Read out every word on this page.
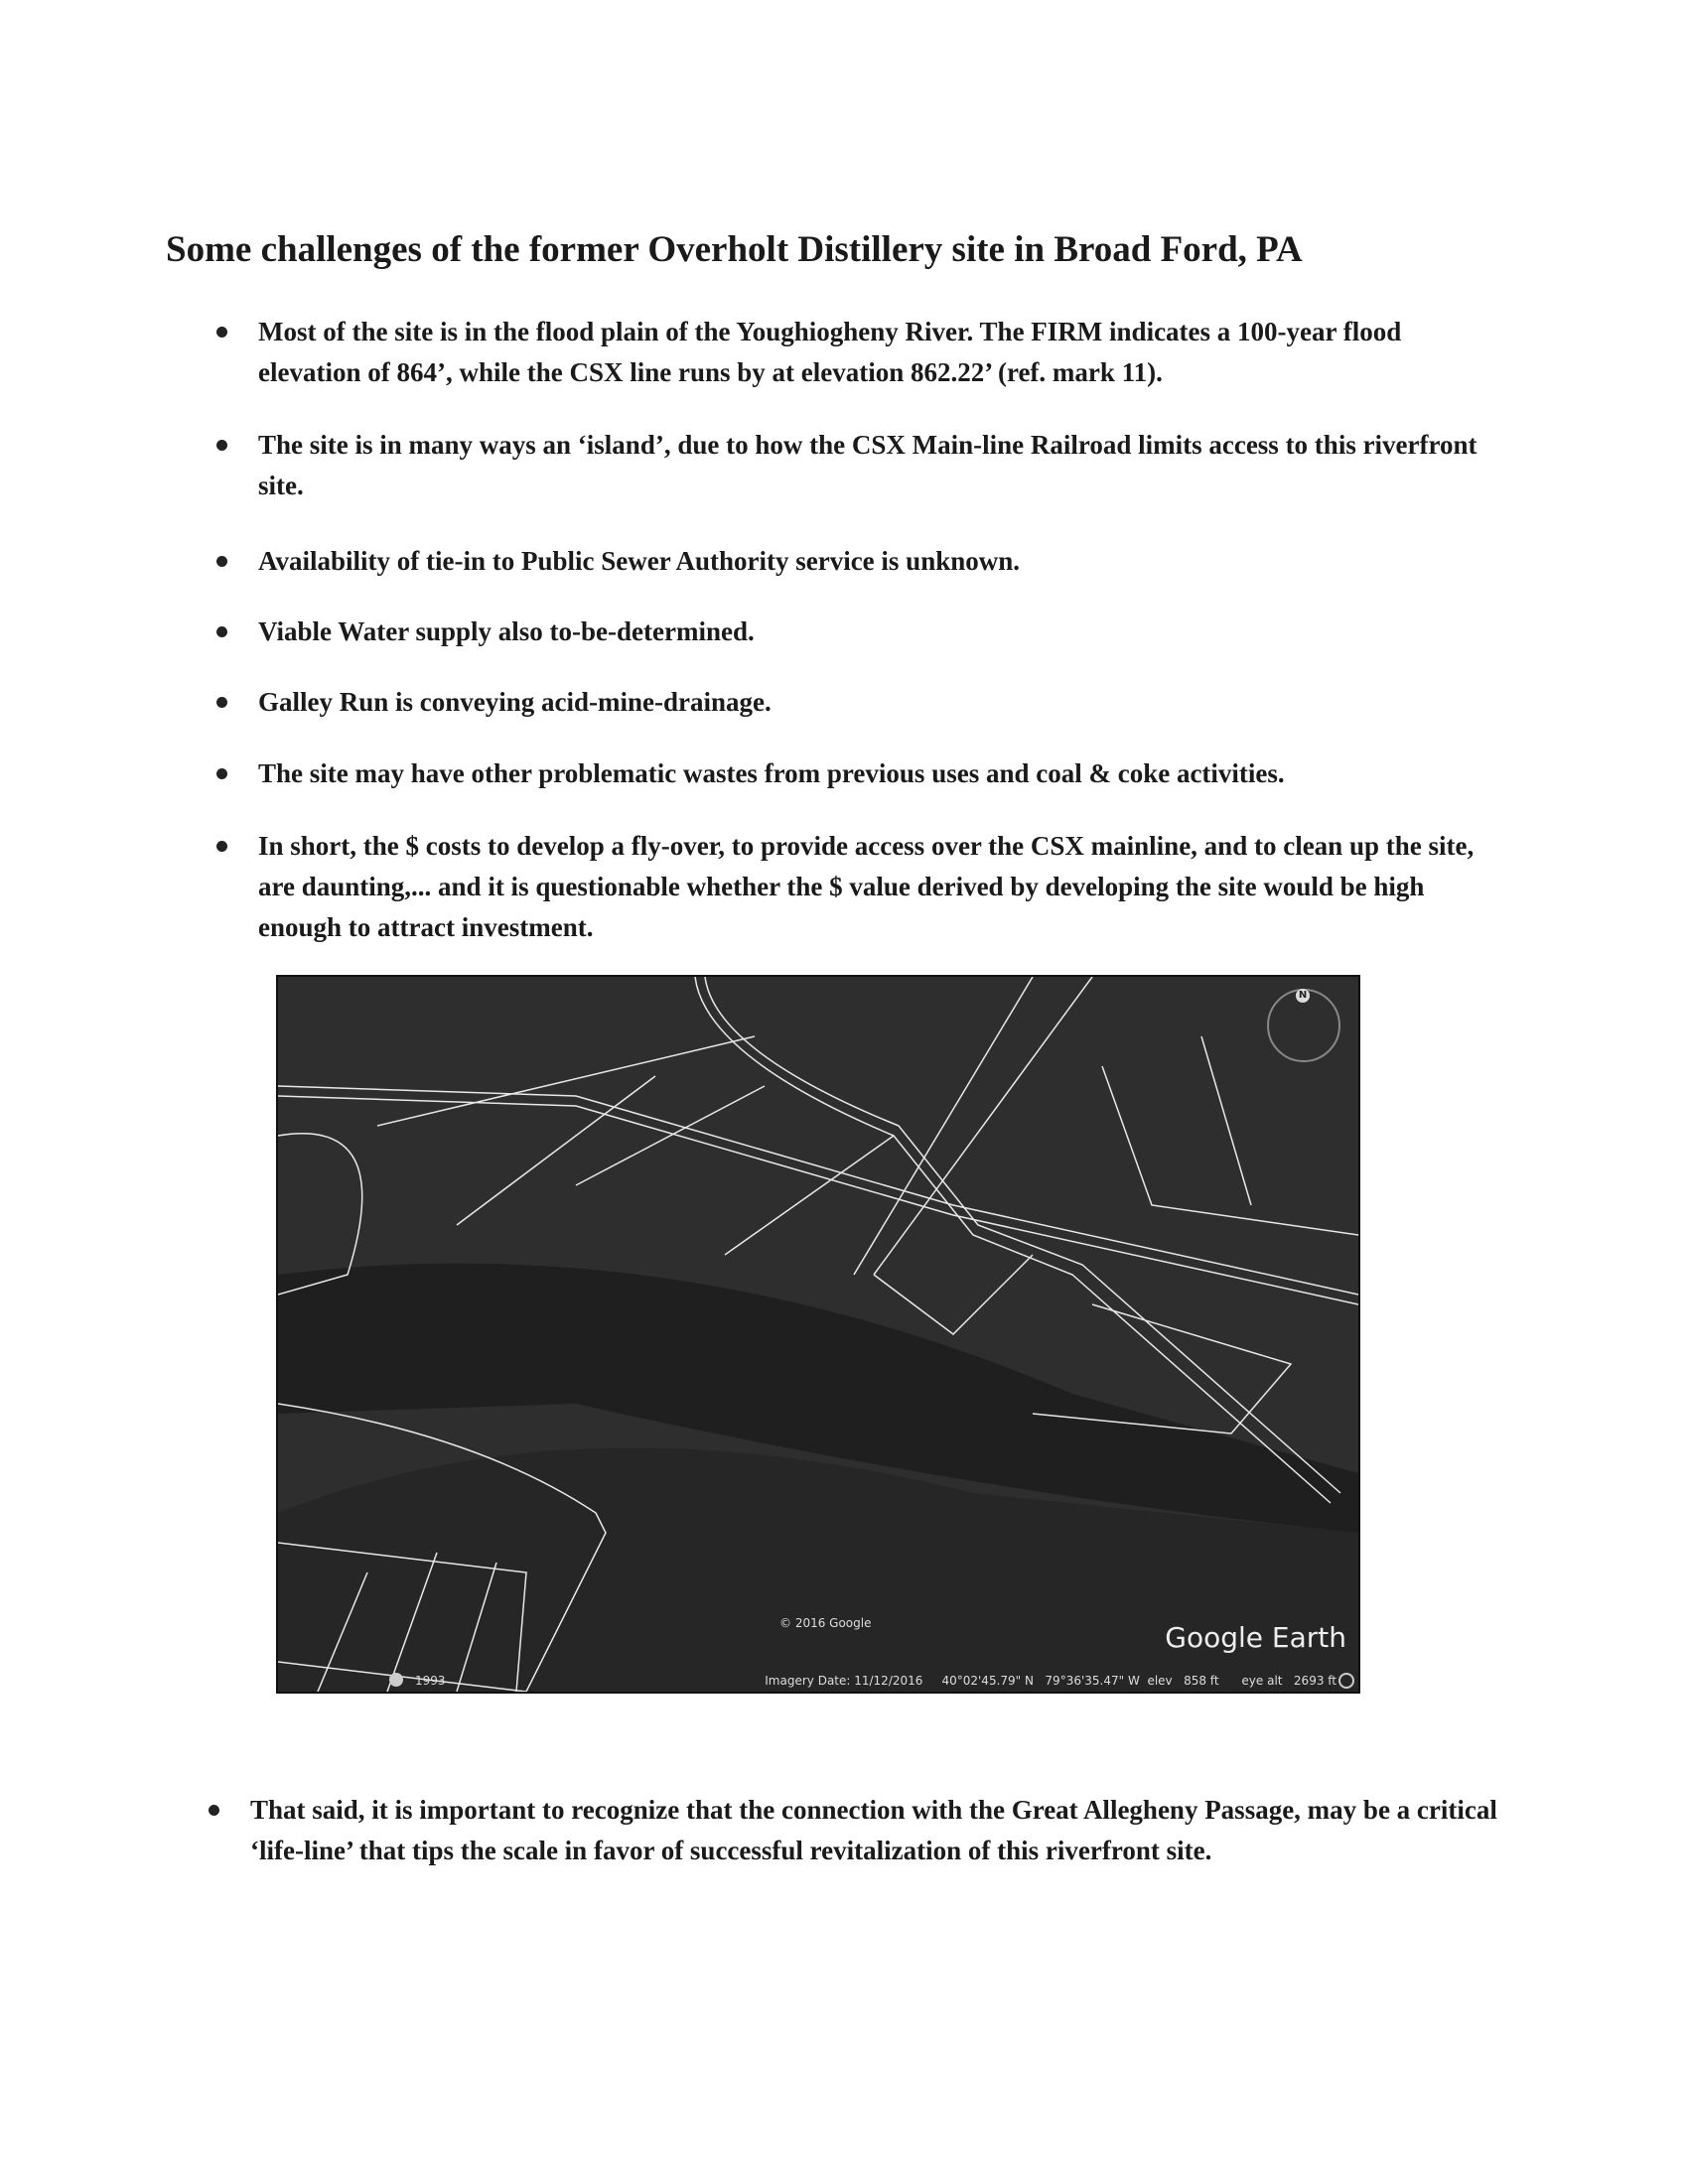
Some challenges of the former Overholt Distillery site in Broad Ford, PA
Most of the site is in the flood plain of the Youghiogheny River. The FIRM indicates a 100-year flood elevation of 864’, while the CSX line runs by at elevation 862.22’ (ref. mark 11).
The site is in many ways an ‘island’, due to how the CSX Main-line Railroad limits access to this riverfront site.
Availability of tie-in to Public Sewer Authority service is unknown.
Viable Water supply also to-be-determined.
Galley Run is conveying acid-mine-drainage.
The site may have other problematic wastes from previous uses and coal & coke activities.
In short, the $ costs to develop a fly-over, to provide access over the CSX mainline, and to clean up the site, are daunting,... and it is questionable whether the $ value derived by developing the site would be high enough to attract investment.
N
© 2016 Google	Google Earth
1993	Imagery Date: 11/12/2016     40°02'45.79" N   79°36'35.47" W  elev   858 ft      eye alt   2693 ft
That said, it is important to recognize that the connection with the Great Allegheny Passage, may be a critical ‘life-line’ that tips the scale in favor of successful revitalization of this riverfront site.
